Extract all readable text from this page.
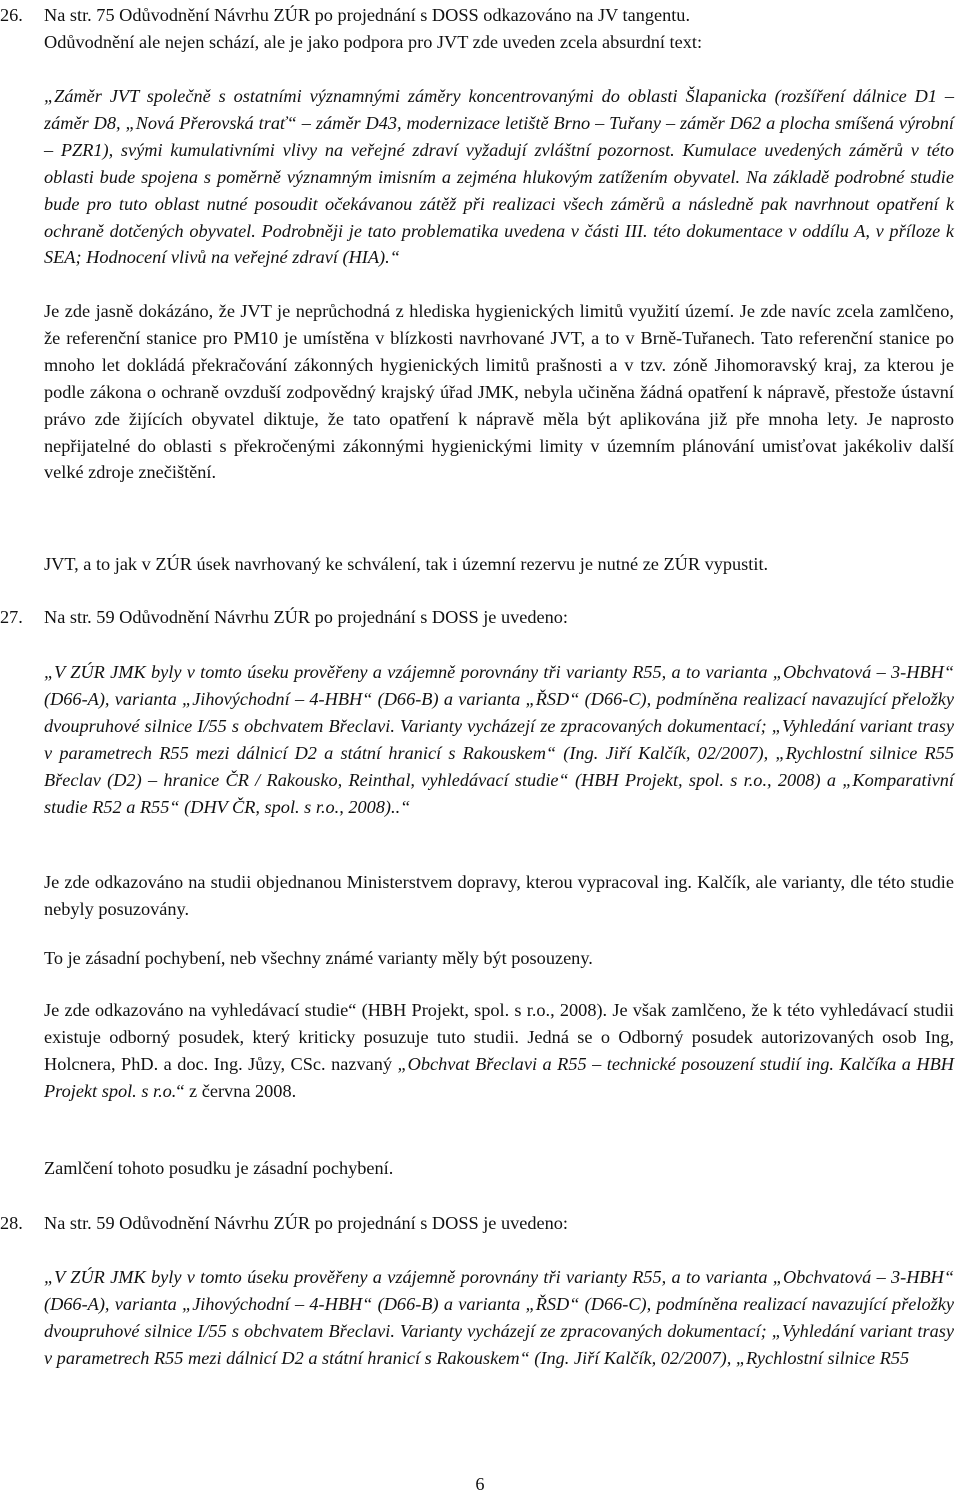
26. Na str. 75 Odůvodnění Návrhu ZÚR po projednání s DOSS odkazováno na JV tangentu.
Odůvodnění ale nejen schází, ale je jako podpora pro JVT zde uveden zcela absurdní text:
„Záměr JVT společně s ostatními významnými záměry koncentrovanými do oblasti Šlapanicka (rozšíření dálnice D1 – záměr D8, „Nová Přerovská trať“ – záměr D43, modernizace letiště Brno – Tuřany – záměr D62 a plocha smíšená výrobní – PZR1), svými kumulativními vlivy na veřejné zdraví vyžadují zvláštní pozornost. Kumulace uvedených záměrů v této oblasti bude spojena s poměrně významným imisním a zejména hlukovým zatížením obyvatel. Na základě podrobné studie bude pro tuto oblast nutné posoudit očekávanou zátěž při realizaci všech záměrů a následně pak navrhnout opatření k ochraně dotčených obyvatel. Podrobněji je tato problematika uvedena v části III. této dokumentace v oddílu A, v příloze k SEA; Hodnocení vlivů na veřejné zdraví (HIA).“
Je zde jasně dokázáno, že JVT je neprůchodná z hlediska hygienických limitů využití území. Je zde navíc zcela zamlčeno, že referenční stanice pro PM10 je umístěna v blízkosti navrhované JVT, a to v Brně-Tuřanech. Tato referenční stanice po mnoho let dokládá překračování zákonných hygienických limitů prašnosti a v tzv. zóně Jihomoravský kraj, za kterou je podle zákona o ochraně ovzduší zodpovědný krajský úřad JMK, nebyla učiněna žádná opatření k nápravě, přestože ústavní právo zde žijících obyvatel diktuje, že tato opatření k nápravě měla být aplikována již pře mnoha lety. Je naprosto nepřijatelné do oblasti s překročenými zákonnými hygienickými limity v územním plánování umisťovat jakékoliv další velké zdroje znečištění.
JVT, a to jak v ZÚR úsek navrhovaný ke schválení, tak i územní rezervu je nutné ze ZÚR vypustit.
27. Na str. 59 Odůvodnění Návrhu ZÚR po projednání s DOSS je uvedeno:
„V ZÚR JMK byly v tomto úseku prověřeny a vzájemně porovnány tři varianty R55, a to varianta „Obchvatová – 3-HBH“ (D66-A), varianta „Jihovýchodní – 4-HBH“ (D66-B) a varianta „ŘSD“ (D66-C), podmíněna realizací navazující přeložky dvoupruhové silnice I/55 s obchvatem Břeclavi. Varianty vycházejí ze zpracovaných dokumentací; „Vyhledání variant trasy v parametrech R55 mezi dálnicí D2 a státní hranicí s Rakouskem“ (Ing. Jiří Kalčík, 02/2007), „Rychlostní silnice R55 Břeclav (D2) – hranice ČR / Rakousko, Reinthal, vyhledávací studie“ (HBH Projekt, spol. s r.o., 2008) a „Komparativní studie R52 a R55“ (DHV ČR, spol. s r.o., 2008)..“
Je zde odkazováno na studii objednanou Ministerstvem dopravy, kterou vypracoval ing. Kalčík, ale varianty, dle této studie nebyly posuzovány.
To je zásadní pochybení, neb všechny známé varianty měly být posouzeny.
Je zde odkazováno na vyhledávací studie“ (HBH Projekt, spol. s r.o., 2008). Je však zamlčeno, že k této vyhledávací studii existuje odborný posudek, který kriticky posuzuje tuto studii. Jedná se o Odborný posudek autorizovaných osob Ing, Holcnera, PhD. a doc. Ing. Jůzy, CSc. nazvaný „Obchvat Břeclavi a R55 – technické posouzení studií ing. Kalčíka a HBH Projekt spol. s r.o.“ z června 2008.
Zamlčení tohoto posudku je zásadní pochybení.
28. Na str. 59 Odůvodnění Návrhu ZÚR po projednání s DOSS je uvedeno:
„V ZÚR JMK byly v tomto úseku prověřeny a vzájemně porovnány tři varianty R55, a to varianta „Obchvatová – 3-HBH“ (D66-A), varianta „Jihovýchodní – 4-HBH“ (D66-B) a varianta „ŘSD“ (D66-C), podmíněna realizací navazující přeložky dvoupruhové silnice I/55 s obchvatem Břeclavi. Varianty vycházejí ze zpracovaných dokumentací; „Vyhledání variant trasy v parametrech R55 mezi dálnicí D2 a státní hranicí s Rakouskem“ (Ing. Jiří Kalčík, 02/2007), „Rychlostní silnice R55
6
